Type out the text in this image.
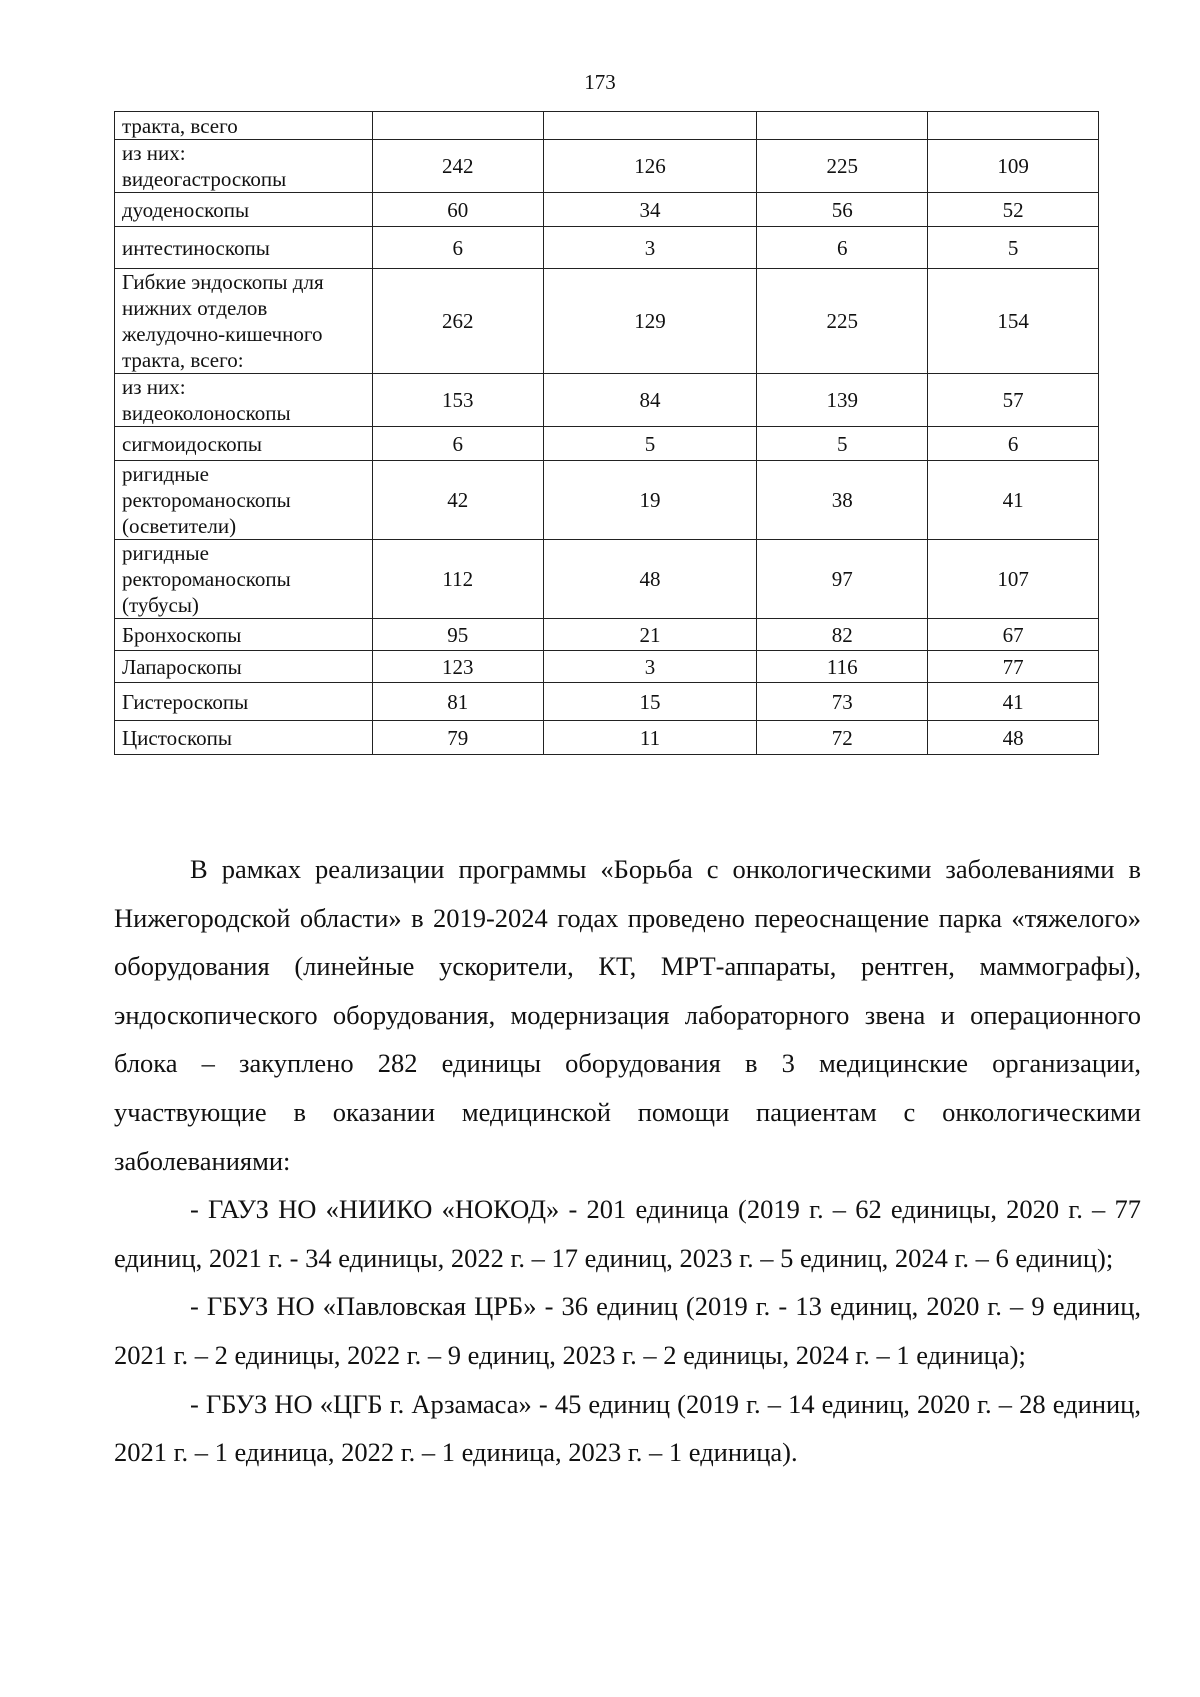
173
тракта, всего				
из них:
видеогастроскопы	242	126	225	109
дуоденоскопы	60	34	56	52
интестиноскопы	6	3	6	5
Гибкие эндоскопы для
нижних отделов
желудочно-кишечного
тракта, всего:	262	129	225	154
из них:
видеоколоноскопы	153	84	139	57
сигмоидоскопы	6	5	5	6
ригидные
ректороманоскопы
(осветители)	42	19	38	41
ригидные
ректороманоскопы
(тубусы)	112	48	97	107
Бронхоскопы	95	21	82	67
Лапароскопы	123	3	116	77
Гистероскопы	81	15	73	41
Цистоскопы	79	11	72	48

В рамках реализации программы «Борьба с онкологическими заболеваниями в Нижегородской области» в 2019-2024 годах проведено переоснащение парка «тяжелого» оборудования (линейные ускорители, КТ, МРТ-аппараты, рентген, маммографы), эндоскопического оборудования, модернизация лабораторного звена и операционного блока – закуплено 282 единицы оборудования в 3 медицинские организации, участвующие в оказании медицинской помощи пациентам с онкологическими заболеваниями:

- ГАУЗ НО «НИИКО «НОКОД» - 201 единица (2019 г. – 62 единицы, 2020 г. – 77 единиц, 2021 г. - 34 единицы, 2022 г. – 17 единиц, 2023 г. – 5 единиц, 2024 г. – 6 единиц);

- ГБУЗ НО «Павловская ЦРБ» - 36 единиц (2019 г. - 13 единиц, 2020 г. – 9 единиц, 2021 г. – 2 единицы, 2022 г. – 9 единиц, 2023 г. – 2 единицы, 2024 г. – 1 единица);

- ГБУЗ НО «ЦГБ г. Арзамаса» - 45 единиц (2019 г. – 14 единиц, 2020 г. – 28 единиц, 2021 г. – 1 единица, 2022 г. – 1 единица, 2023 г. – 1 единица).
